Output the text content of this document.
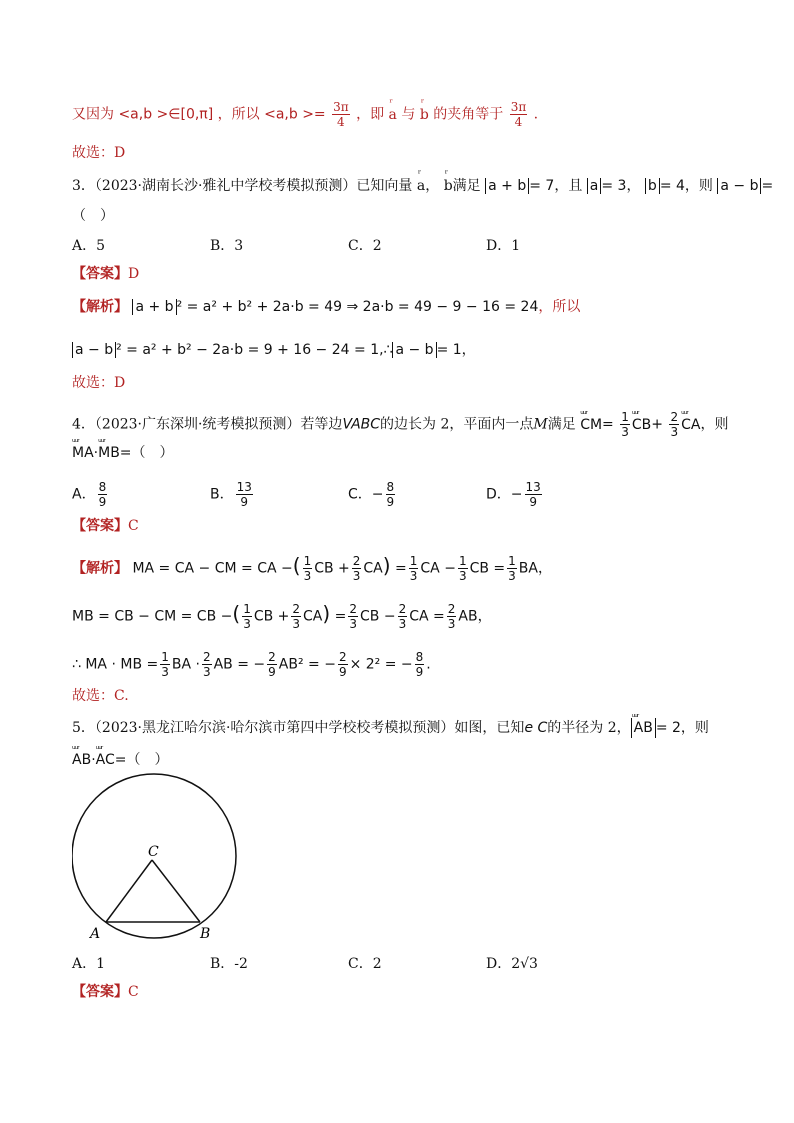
又因为 <a,b >∈[0,π] ，所以 $<a,b >= \frac{3\pi}{4}$ ，即 ʳ a 与 ʳ b 的夹角等于 $\frac{3\pi}{4}$ .
故选：D
3．（2023·湖南长沙·雅礼中学校考模拟预测）已知向量 ʳ a， ʳ b满足 a + b = 7，且 a = 3， b = 4，则 a − b =
（　）
A．5	B．3	C．2	D．1
【答案】D
【解析】 a + b ² = a² + b² + 2a·b = 49 ⇒ 2a·b = 49 − 9 − 16 = 24，所以
a − b ² = a² + b² − 2a·b = 9 + 16 − 24 = 1,∴ a − b = 1，
故选：D
4．（2023·广东深圳·统考模拟预测）若等边VABC的边长为 2，平面内一点M满足 ᵘᵘʳ $CM= \frac{1}{3}$ ᵘᵘʳ $CB+ \frac{2}{3}$ ᵘᵘʳ CA，则
ᵘᵘʳ MA·ᵘᵘʳ MB=（　）
A． $\frac{8}{9}$	B． $\frac{13}{9}$	C．− $\frac{8}{9}$	D．− $\frac{13}{9}$
【答案】C
【解析】 MA = CA − CM = CA −( $\frac{1}{3}$ CB + $\frac{2}{3} CA) = \frac{1}{3}$ CA − $\frac{1}{3}$ CB = $\frac{1}{3}$ BA，
MB = CB − CM = CB −( $\frac{1}{3}$ CB + $\frac{2}{3} CA) = \frac{2}{3}$ CB − $\frac{2}{3}$ CA = $\frac{2}{3}$ AB，
∴ MA · MB = $\frac{1}{3}$ BA · $\frac{2}{3}$ AB = − $\frac{2}{9} AB^2$ = − $\frac{2}{9} \times 2^2$ = − $\frac{8}{9}$ .
故选：C.
5．（2023·黑龙江哈尔滨·哈尔滨市第四中学校校考模拟预测）如图，已知e C的半径为 2， ᵘᵘʳ AB = 2，则
ᵘᵘʳ AB·ᵘᵘʳ AC=（　）
C
A	B
A．1	B．-2	C．2	D．2√3
【答案】C
